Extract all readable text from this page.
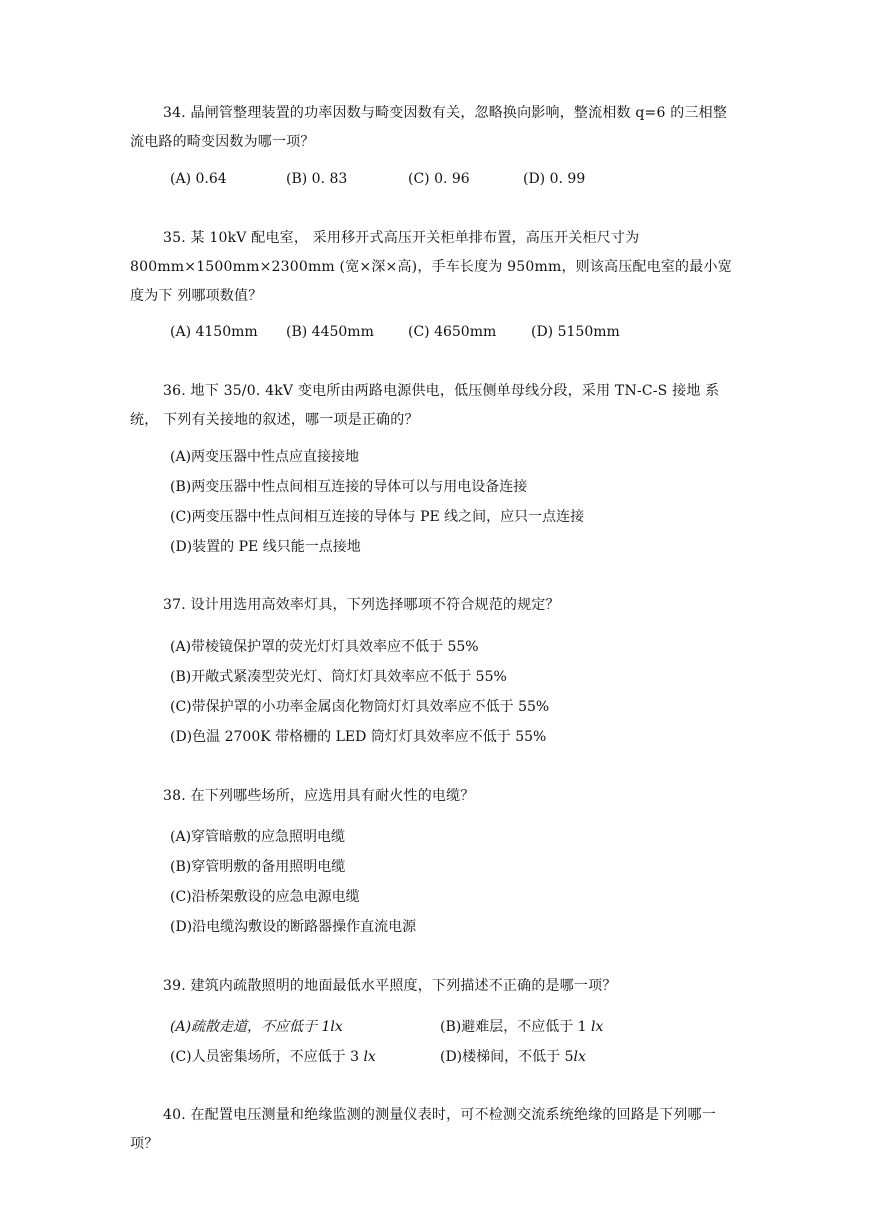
34. 晶闸管整理装置的功率因数与畸变因数有关，忽略换向影响，整流相数 q=6 的三相整流电路的畸变因数为哪一项？

(A) 0.64	(B) 0. 83	(C) 0. 96	(D) 0. 99

35. 某 10kV 配电室， 采用移开式高压开关柜单排布置，高压开关柜尺寸为 800mm×1500mm×2300mm (宽×深×高)，手车长度为 950mm，则该高压配电室的最小宽度为下 列哪项数值？

(A) 4150mm (B) 4450mm (C) 4650mm (D) 5150mm

36. 地下 35/0. 4kV 变电所由两路电源供电，低压侧单母线分段，采用 TN-C-S 接地 系统， 下列有关接地的叙述，哪一项是正确的？

(A)两变压器中性点应直接接地
(B)两变压器中性点间相互连接的导体可以与用电设备连接
(C)两变压器中性点间相互连接的导体与 PE 线之间，应只一点连接
(D)装置的 PE 线只能一点接地

37. 设计用选用高效率灯具，下列选择哪项不符合规范的规定？

(A)带棱镜保护罩的荧光灯灯具效率应不低于 55%
(B)开敞式紧凑型荧光灯、筒灯灯具效率应不低于 55%
(C)带保护罩的小功率金属卤化物筒灯灯具效率应不低于 55%
(D)色温 2700K 带格栅的 LED 筒灯灯具效率应不低于 55%

38. 在下列哪些场所，应选用具有耐火性的电缆？

(A)穿管暗敷的应急照明电缆
(B)穿管明敷的备用照明电缆
(C)沿桥架敷设的应急电源电缆
(D)沿电缆沟敷设的断路器操作直流电源

39. 建筑内疏散照明的地面最低水平照度，下列描述不正确的是哪一项？

(A)疏散走道，不应低于 1lx	(B)避难层，不应低于 1 lx
(C)人员密集场所，不应低于 3 lx	(D)楼梯间，不低于 5lx

40. 在配置电压测量和绝缘监测的测量仪表时，可不检测交流系统绝缘的回路是下列哪一项？
